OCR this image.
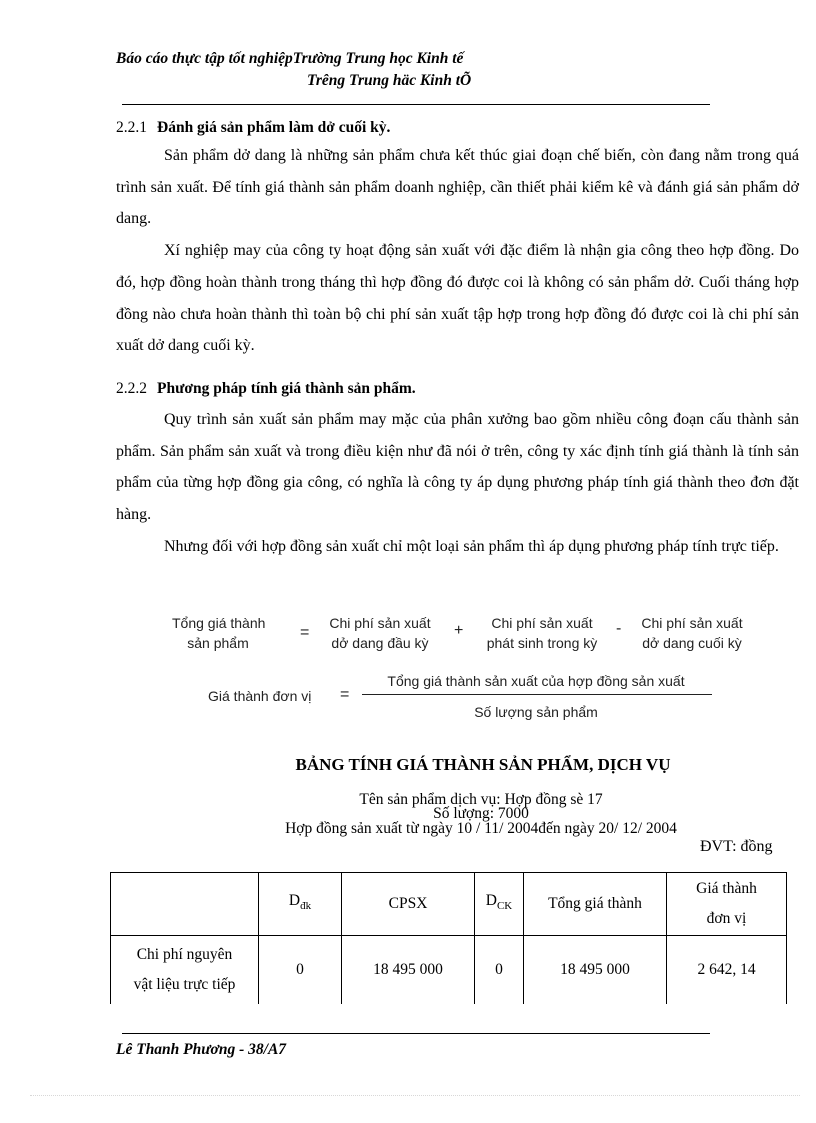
Báo cáo thực tập tốt nghiệpTrường Trung học Kinh tế
Trêng Trung häc Kinh tÕ
2.2.1 Đánh giá sản phẩm làm dở cuối kỳ.

Sản phẩm dở dang là những sản phẩm chưa kết thúc giai đoạn chế biến, còn đang nằm trong quá trình sản xuất. Để tính giá thành sản phẩm doanh nghiệp, cần thiết phải kiểm kê và đánh giá sản phẩm dở dang.

Xí nghiệp may của công ty hoạt động sản xuất với đặc điểm là nhận gia công theo hợp đồng. Do đó, hợp đồng hoàn thành trong tháng thì hợp đồng đó được coi là không có sản phẩm dở. Cuối tháng hợp đồng nào chưa hoàn thành thì toàn bộ chi phí sản xuất tập hợp trong hợp đồng đó được coi là chi phí sản xuất dở dang cuối kỳ.

2.2.2 Phương pháp tính giá thành sản phẩm.

Quy trình sản xuất sản phẩm may mặc của phân xưởng bao gồm nhiều công đoạn cấu thành sản phẩm. Sản phẩm sản xuất và trong điều kiện như đã nói ở trên, công ty xác định tính giá thành là tính sản phẩm của từng hợp đồng gia công, có nghĩa là công ty áp dụng phương pháp tính giá thành theo đơn đặt hàng.

Nhưng đối với hợp đồng sản xuất chỉ một loại sản phẩm thì áp dụng phương pháp tính trực tiếp.

Tổng giá thành
sản phẩm
=
Chi phí sản xuất
dở dang đầu kỳ
+	Chi phí sản xuất
phát sinh trong kỳ
-	Chi phí sản xuất
dở dang cuối kỳ
Giá thành đơn vị =
Tổng giá thành sản xuất của hợp đồng sản xuất
Số lượng sản phẩm
BẢNG TÍNH GIÁ THÀNH SẢN PHẨM, DỊCH VỤ
Tên sản phẩm dịch vụ: Hợp đồng sè 17
Số lượng: 7000
Hợp đồng sản xuất từ ngày 10 / 11/ 2004đến ngày 20/ 12/ 2004
ĐVT: đồng
	$D_{đk}$	CPSX	$D_{CK}$	Tổng giá thành	Giá thành
đơn vị

Chi phí nguyên
vật liệu trực tiếp	0	18 495 000	0	18 495 000	2 642, 14
Lê Thanh Phương - 38/A7
